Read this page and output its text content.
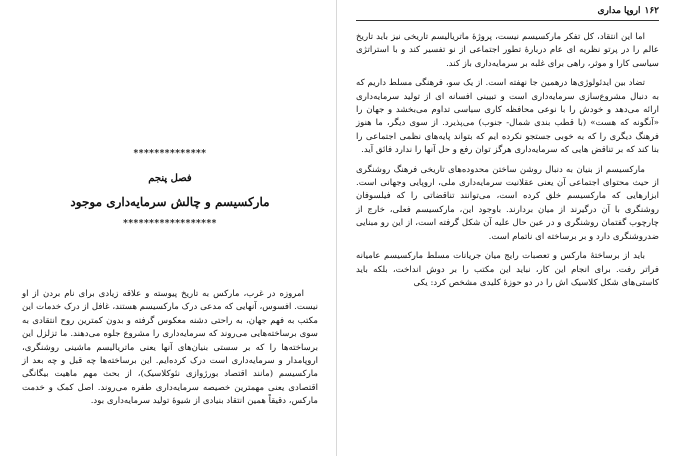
**************
فصل پنجم
مارکسیسم و چالش سرمایه‌داری موجود
******************

امروزه در غرب، مارکس به تاریخ پیوسته و علاقه زیادی برای نام بردن از او نیست. افسوس، آنهایی که مدعی درک مارکسیسم هستند، غافل از درک خدمات این مکتب به فهم جهان، به راحتی دشنه معکوس گرفته و بدون کمترین روح انتقادی به سوی برساخته‌هایی می‌روند که سرمایه‌داری را مشروع جلوه می‌دهند. ما تزلزل این برساخته‌ها را که بر سستی بنیان‌های آنها یعنی ماتریالیسم ماشینی روشنگری، اروپامدار و سرمایه‌داری است درک کرده‌ایم. این برساخته‌ها چه قبل و چه بعد از مارکسیسم (مانند اقتصاد بورژوازی نئوکلاسیک)، از بحث مهم ماهیت بیگانگی اقتصادی یعنی مهمترین خصیصه سرمایه‌داری طفره می‌روند. اصل کمک و خدمت مارکس، دقیقاً همین انتقاد بنیادی از شیوهٔ تولید سرمایه‌داری بود.

۱۶۲
اروپا مداری

اما این انتقاد، کل تفکر مارکسیسم نیست، پروژهٔ ماتریالیسم تاریخی نیز باید تاریخ عالم را در پرتو نظریه ای عام دربارهٔ تطور اجتماعی از نو تفسیر کند و با استراتژی سیاسی کارا و موثر، راهی برای غلبه بر سرمایه‌داری باز کند.

تضاد بین ایدئولوژی‌ها درهمین جا نهفته است. از یک سو، فرهنگی مسلط داریم که به دنبال مشروع‌سازی سرمایه‌داری است و تبیینی افسانه ای از تولید سرمایه‌داری ارائه می‌دهد و خودش را با نوعی محافظه کاری سیاسی تداوم می‌بخشد و جهان را «آنگونه که هست» (با قطب بندی شمال- جنوب) می‌پذیرد. از سوی دیگر، ما هنوز فرهنگ دیگری را که به خوبی جستجو نکرده ایم که بتواند پایه‌های نظمی اجتماعی را بنا کند که بر تناقض هایی که سرمایه‌داری هرگز توان رفع و حل آنها را ندارد فائق آید.

مارکسیسم از بنیان به دنبال روشن ساختن محدوده‌های تاریخی فرهنگ روشنگری از حیث محتوای اجتماعی آن یعنی عقلانیت سرمایه‌داری ملی، اروپایی وجهانی است. ابزارهایی که مارکسیسم خلق کرده است، می‌توانند تناقضاتی را که فیلسوفان روشنگری با آن درگیرند از میان بردارند. باوجود این، مارکسیسم فعلی، خارج از چارچوب گفتمان روشنگری و در عین حال علیه آن شکل گرفته است، از این رو مبنایی ضدروشنگری دارد و بر برساخته ای ناتمام است.

باید از برساختهٔ مارکس و تعصبات رایج میان جریانات مسلط مارکسیسم عامیانه فراتر رفت. برای انجام این کار، نباید این مکتب را بر دوش انداخت، بلکه باید کاستی‌های شکل کلاسیک اش را در دو حوزهٔ کلیدی مشخص کرد: یکی
